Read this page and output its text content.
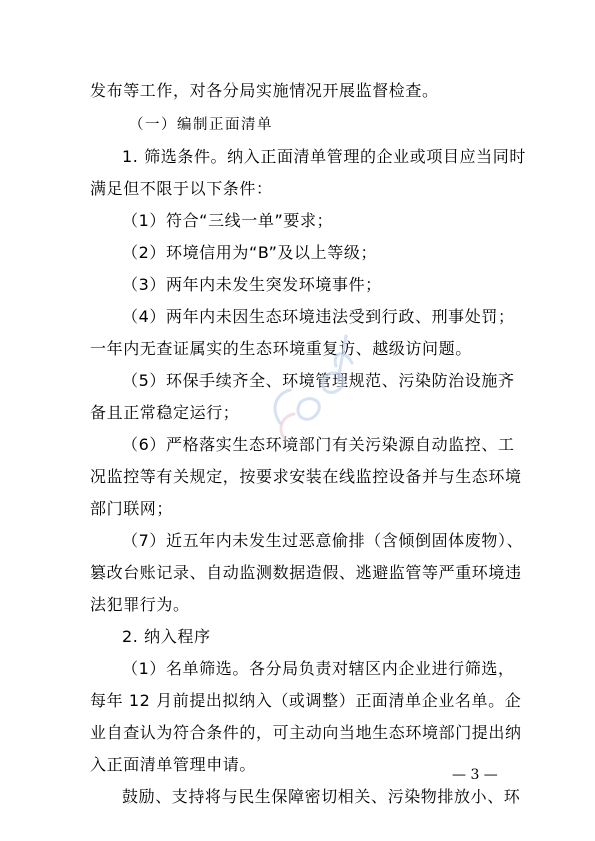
发布等工作，对各分局实施情况开展监督检查。
（一）编制正面清单
1. 筛选条件。纳入正面清单管理的企业或项目应当同时
满足但不限于以下条件：
（1）符合“三线一单”要求；
（2）环境信用为“B”及以上等级；
（3）两年内未发生突发环境事件；
（4）两年内未因生态环境违法受到行政、刑事处罚；
一年内无查证属实的生态环境重复访、越级访问题。
（5）环保手续齐全、环境管理规范、污染防治设施齐
备且正常稳定运行；
（6）严格落实生态环境部门有关污染源自动监控、工
况监控等有关规定，按要求安装在线监控设备并与生态环境
部门联网；
（7）近五年内未发生过恶意偷排（含倾倒固体废物）、
篡改台账记录、自动监测数据造假、逃避监管等严重环境违
法犯罪行为。
2. 纳入程序
（1）名单筛选。各分局负责对辖区内企业进行筛选，
每年 12 月前提出拟纳入（或调整）正面清单企业名单。企
业自查认为符合条件的，可主动向当地生态环境部门提出纳
入正面清单管理申请。
鼓励、支持将与民生保障密切相关、污染物排放小、环
— 3 —
